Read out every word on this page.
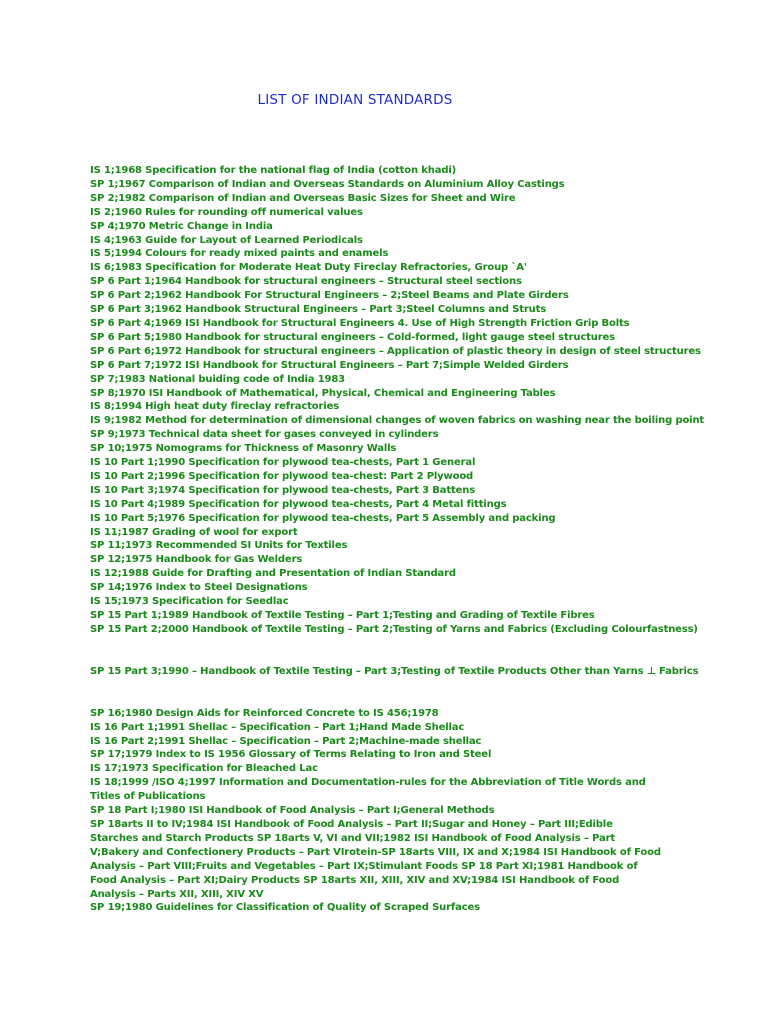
LIST OF INDIAN STANDARDS
IS 1;1968 Specification for the national flag of India (cotton khadi)
SP 1;1967 Comparison of Indian and Overseas Standards on Aluminium Alloy Castings
SP 2;1982 Comparison of Indian and Overseas Basic Sizes for Sheet and Wire
IS 2;1960 Rules for rounding off numerical values
SP 4;1970 Metric Change in India
IS 4;1963 Guide for Layout of Learned Periodicals
IS 5;1994 Colours for ready mixed paints and enamels
IS 6;1983 Specification for Moderate Heat Duty Fireclay Refractories, Group `A'
SP 6 Part 1;1964 Handbook for structural engineers – Structural steel sections
SP 6 Part 2;1962 Handbook For Structural Engineers – 2;Steel Beams and Plate Girders
SP 6 Part 3;1962 Handbook Structural Engineers – Part 3;Steel Columns and Struts
SP 6 Part 4;1969 ISI Handbook for Structural Engineers 4. Use of High Strength Friction Grip Bolts
SP 6 Part 5;1980 Handbook for structural engineers – Cold-formed, light gauge steel structures
SP 6 Part 6;1972 Handbook for structural engineers – Application of plastic theory in design of steel structures
SP 6 Part 7;1972 ISI Handbook for Structural Engineers – Part 7;Simple Welded Girders
SP 7;1983 National buiding code of India 1983
SP 8;1970 ISI Handbook of Mathematical, Physical, Chemical and Engineering Tables
IS 8;1994 High heat duty fireclay refractories
IS 9;1982 Method for determination of dimensional changes of woven fabrics on washing near the boiling point
SP 9;1973 Technical data sheet for gases conveyed in cylinders
SP 10;1975 Nomograms for Thickness of Masonry Walls
IS 10 Part 1;1990 Specification for plywood tea-chests, Part 1 General
IS 10 Part 2;1996 Specification for plywood tea-chest: Part 2 Plywood
IS 10 Part 3;1974 Specification for plywood tea-chests, Part 3 Battens
IS 10 Part 4;1989 Specification for plywood tea-chests, Part 4 Metal fittings
IS 10 Part 5;1976 Specification for plywood tea-chests, Part 5 Assembly and packing
IS 11;1987 Grading of wool for export
SP 11;1973 Recommended SI Units for Textiles
SP 12;1975 Handbook for Gas Welders
IS 12;1988 Guide for Drafting and Presentation of Indian Standard
SP 14;1976 Index to Steel Designations
IS 15;1973 Specification for Seedlac
SP 15 Part 1;1989 Handbook of Textile Testing – Part 1;Testing and Grading of Textile Fibres
SP 15 Part 2;2000 Handbook of Textile Testing – Part 2;Testing of Yarns and Fabrics (Excluding Colourfastness)
SP 15 Part 3;1990 – Handbook of Textile Testing – Part 3;Testing of Textile Products Other than Yarns ⊥ Fabrics
SP 16;1980 Design Aids for Reinforced Concrete to IS 456;1978
IS 16 Part 1;1991 Shellac – Specification – Part 1;Hand Made Shellac
IS 16 Part 2;1991 Shellac – Specification – Part 2;Machine-made shellac
SP 17;1979 Index to IS 1956 Glossary of Terms Relating to Iron and Steel
IS 17;1973 Specification for Bleached Lac
IS 18;1999 /ISO 4;1997 Information and Documentation-rules for the Abbreviation of Title Words and Titles of Publications
SP 18 Part I;1980 ISI Handbook of Food Analysis – Part I;General Methods
SP 18arts II to IV;1984 ISI Handbook of Food Analysis – Part II;Sugar and Honey – Part III;Edible Starches and Starch Products SP 18arts V, VI and VII;1982 ISI Handbook of Food Analysis – Part V;Bakery and Confectionery Products – Part VIrotein-SP 18arts VIII, IX and X;1984 ISI Handbook of Food Analysis – Part VIII;Fruits and Vegetables – Part IX;Stimulant Foods SP 18 Part XI;1981 Handbook of Food Analysis – Part XI;Dairy Products SP 18arts XII, XIII, XIV and XV;1984 ISI Handbook of Food Analysis – Parts XII, XIII, XIV XV
SP 19;1980 Guidelines for Classification of Quality of Scraped Surfaces
